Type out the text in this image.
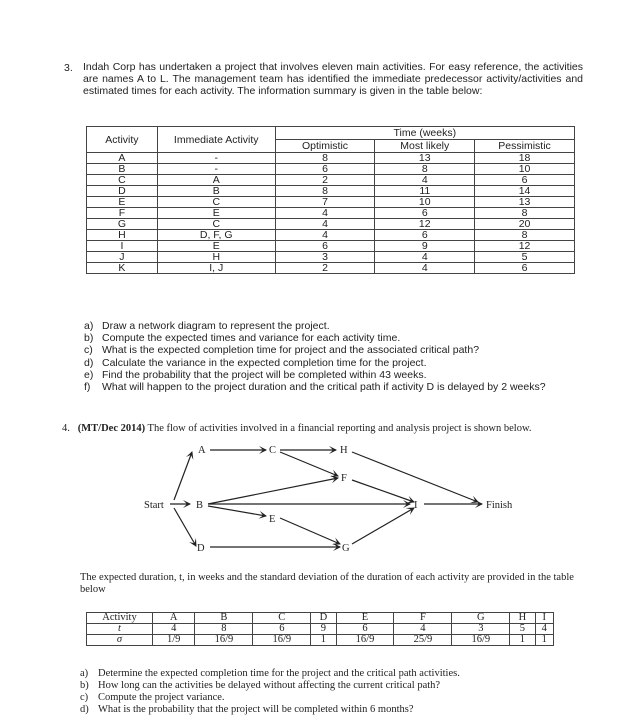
3. Indah Corp has undertaken a project that involves eleven main activities. For easy reference, the activities are names A to L. The management team has identified the immediate predecessor activity/activities and estimated times for each activity. The information summary is given in the table below:
Activity	Immediate Activity	Time (weeks)		
		Optimistic	Most likely	Pessimistic
A	-	8	13	18
B	-	6	8	10
C	A	2	4	6
D	B	8	11	14
E	C	7	10	13
F	E	4	6	8
G	C	4	12	20
H	D, F, G	4	6	8
I	E	6	9	12
J	H	3	4	5
K	I, J	2	4	6
a) Draw a network diagram to represent the project.
b) Compute the expected times and variance for each activity time.
c) What is the expected completion time for project and the associated critical path?
d) Calculate the variance in the expected completion time for the project.
e) Find the probability that the project will be completed within 43 weeks.
f)	What will happen to the project duration and the critical path if activity D is delayed by 2 weeks?
4. (MT/Dec 2014) The flow of activities involved in a financial reporting and analysis project is shown below.
Start
A
B
C
D
E
F
G
H
I	Finish
The expected duration, t, in weeks and the standard deviation of the duration of each activity are provided in the table below
Activity	A	B	C	D	E	F	G	H	I
t	4	8	6	9	6	4	3	5	4
σ	1/9	16/9	16/9	1	16/9	25/9	16/9	1	1
a) Determine the expected completion time for the project and the critical path activities.
b) How long can the activities be delayed without affecting the current critical path?
c) Compute the project variance.
d) What is the probability that the project will be completed within 6 months?
